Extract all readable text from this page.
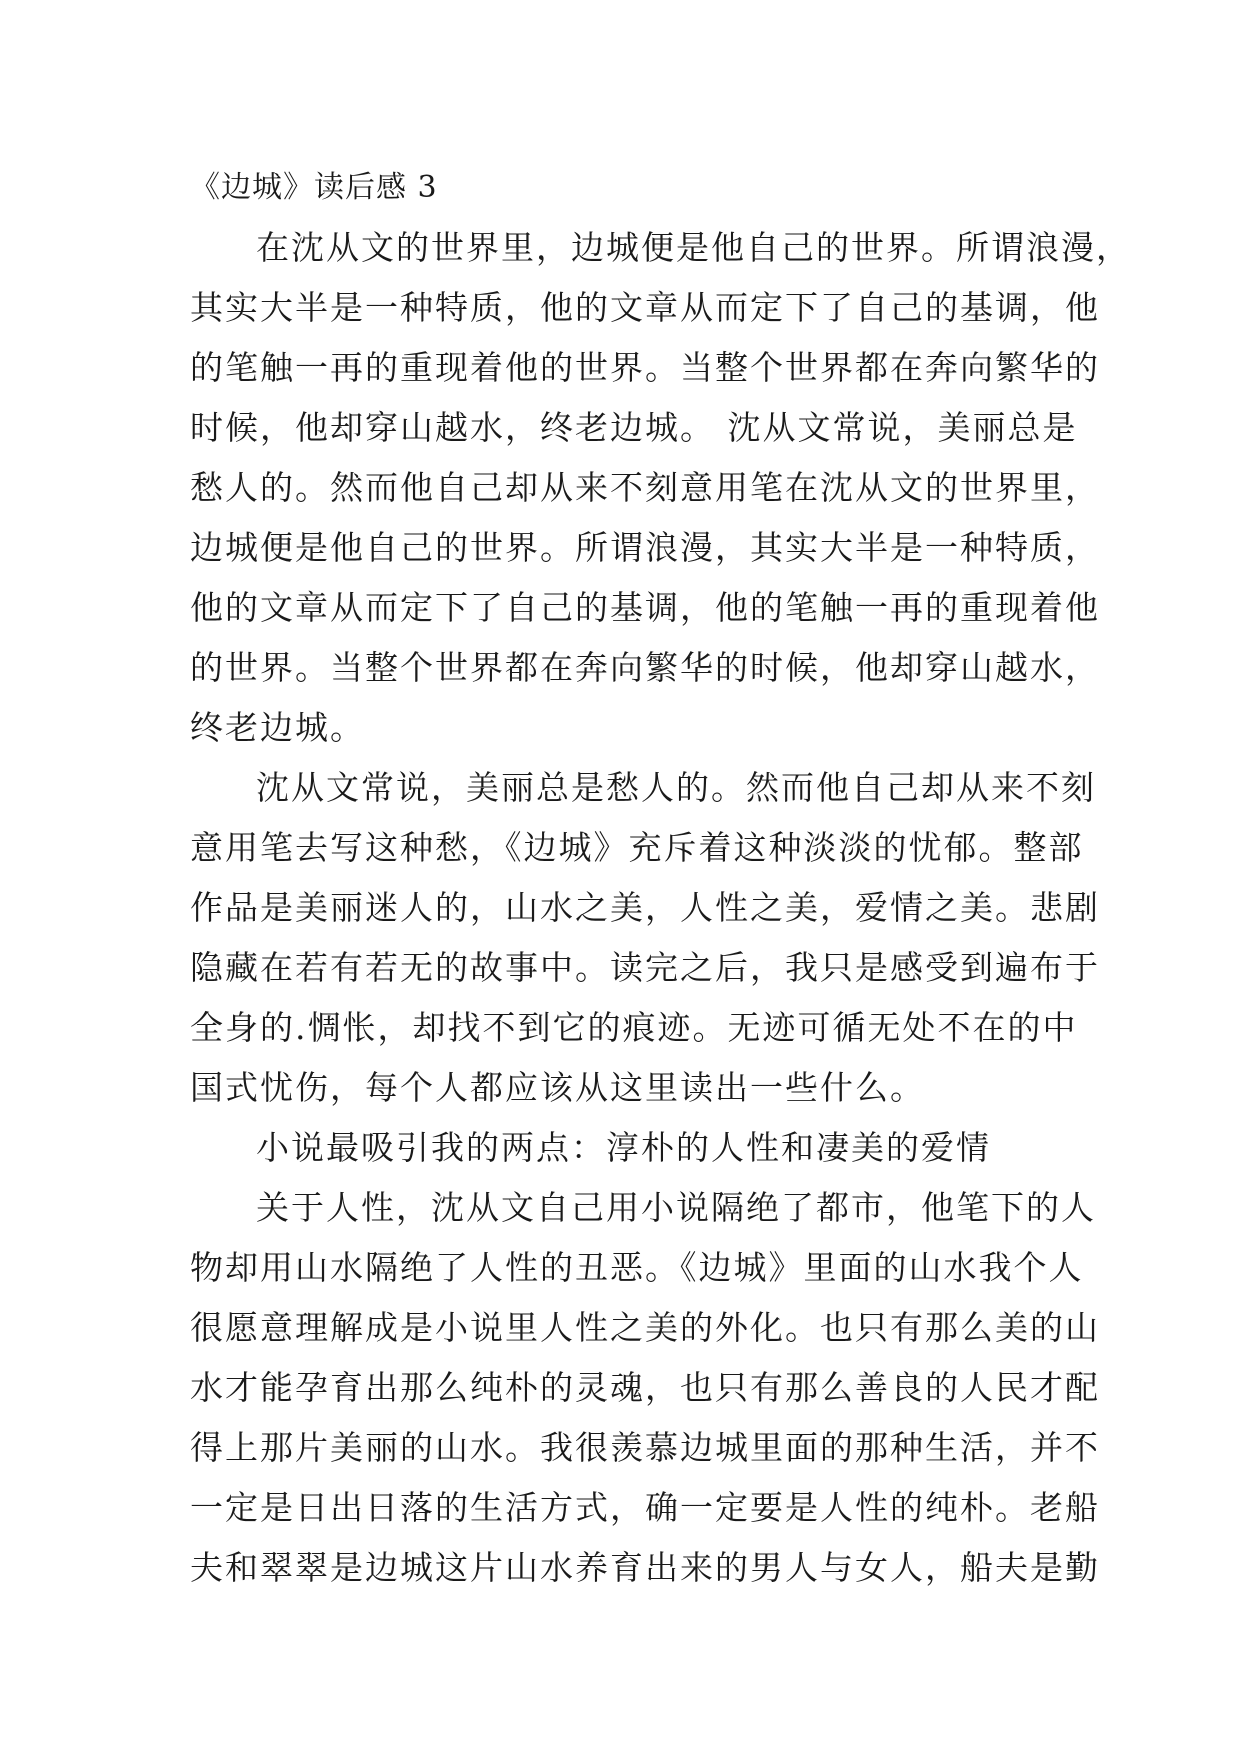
《边城》读后感 3

在沈从文的世界里，边城便是他自己的世界。所谓浪漫，
其实大半是一种特质，他的文章从而定下了自己的基调，他
的笔触一再的重现着他的世界。当整个世界都在奔向繁华的
时候，他却穿山越水，终老边城。 沈从文常说，美丽总是
愁人的。然而他自己却从来不刻意用笔在沈从文的世界里，
边城便是他自己的世界。所谓浪漫，其实大半是一种特质，
他的文章从而定下了自己的基调，他的笔触一再的重现着他
的世界。当整个世界都在奔向繁华的时候，他却穿山越水，
终老边城。

沈从文常说，美丽总是愁人的。然而他自己却从来不刻
意用笔去写这种愁，《边城》充斥着这种淡淡的忧郁。整部
作品是美丽迷人的，山水之美，人性之美，爱情之美。悲剧
隐藏在若有若无的故事中。读完之后，我只是感受到遍布于
全身的.惆怅，却找不到它的痕迹。无迹可循无处不在的中
国式忧伤，每个人都应该从这里读出一些什么。

小说最吸引我的两点：淳朴的人性和凄美的爱情

关于人性，沈从文自己用小说隔绝了都市，他笔下的人
物却用山水隔绝了人性的丑恶。《边城》里面的山水我个人
很愿意理解成是小说里人性之美的外化。也只有那么美的山
水才能孕育出那么纯朴的灵魂，也只有那么善良的人民才配
得上那片美丽的山水。我很羡慕边城里面的那种生活，并不
一定是日出日落的生活方式，确一定要是人性的纯朴。老船
夫和翠翠是边城这片山水养育出来的男人与女人，船夫是勤
